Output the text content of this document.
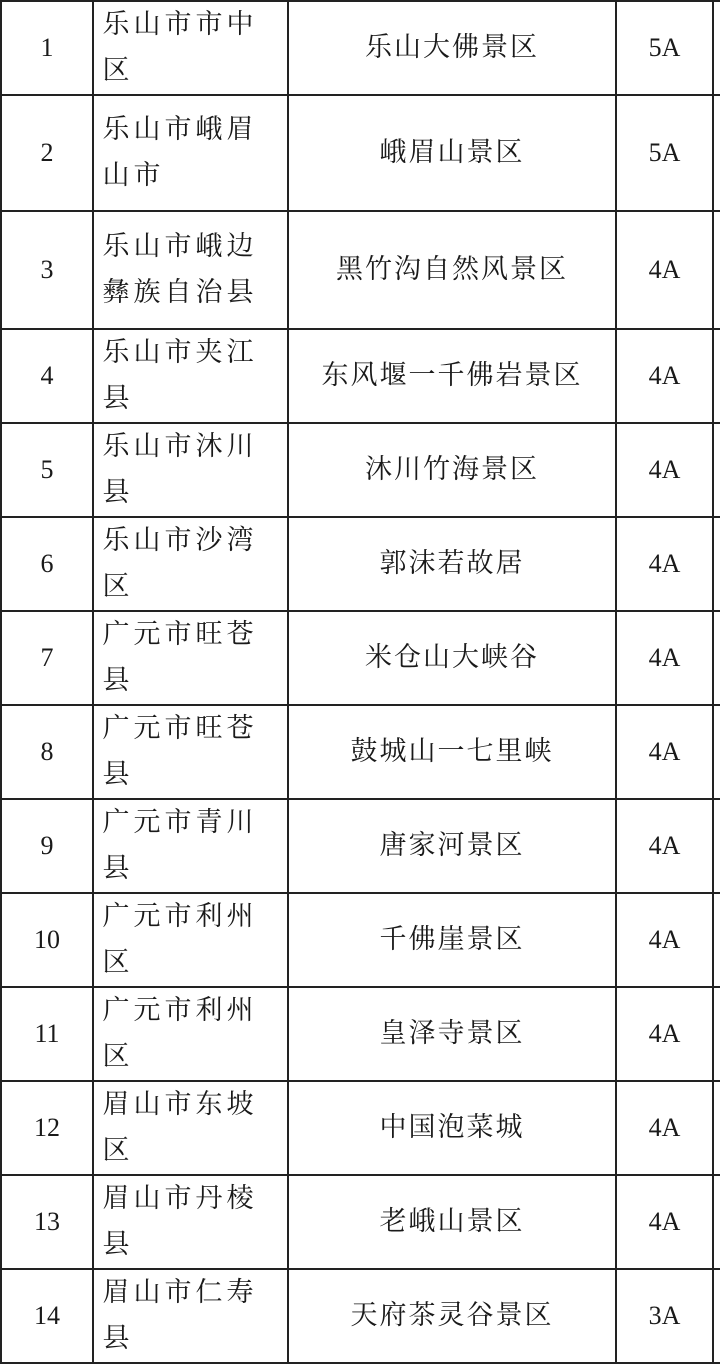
1	乐山市市中区	乐山大佛景区	5A	
2	乐山市峨眉山市	峨眉山景区	5A	
3	乐山市峨边彝族自治县	黑竹沟自然风景区	4A	
4	乐山市夹江县	东风堰一千佛岩景区	4A	
5	乐山市沐川县	沐川竹海景区	4A	
6	乐山市沙湾区	郭沫若故居	4A	
7	广元市旺苍县	米仓山大峡谷	4A	
8	广元市旺苍县	鼓城山一七里峡	4A	
9	广元市青川县	唐家河景区	4A	
10	广元市利州区	千佛崖景区	4A	
11	广元市利州区	皇泽寺景区	4A	
12	眉山市东坡区	中国泡菜城	4A	
13	眉山市丹棱县	老峨山景区	4A	
14	眉山市仁寿县	天府茶灵谷景区	3A	
